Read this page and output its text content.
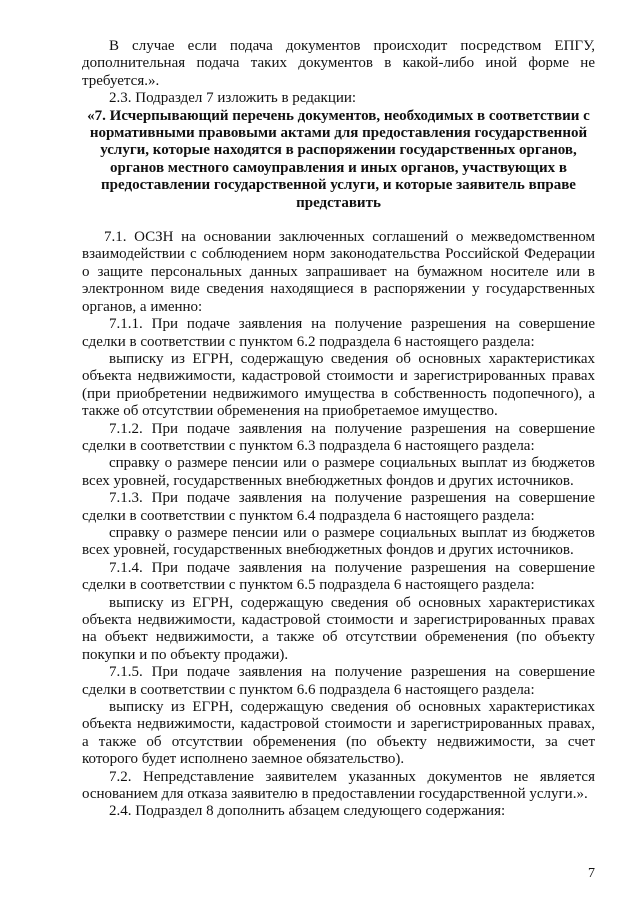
В случае если подача документов происходит посредством ЕПГУ, дополнительная подача таких документов в какой-либо иной форме не требуется.».

2.3. Подраздел 7 изложить в редакции:

«7. Исчерпывающий перечень документов, необходимых в соответствии с нормативными правовыми актами для предоставления государственной услуги, которые находятся в распоряжении государственных органов, органов местного самоуправления и иных органов, участвующих в предоставлении государственной услуги, и которые заявитель вправе представить

7.1. ОСЗН на основании заключенных соглашений о межведомственном взаимодействии с соблюдением норм законодательства Российской Федерации о защите персональных данных запрашивает на бумажном носителе или в электронном виде сведения находящиеся в распоряжении у государственных органов, а именно:

7.1.1. При подаче заявления на получение разрешения на совершение сделки в соответствии с пунктом 6.2 подраздела 6 настоящего раздела:

выписку из ЕГРН, содержащую сведения об основных характеристиках объекта недвижимости, кадастровой стоимости и зарегистрированных правах (при приобретении недвижимого имущества в собственность подопечного), а также об отсутствии обременения на приобретаемое имущество.

7.1.2. При подаче заявления на получение разрешения на совершение сделки в соответствии с пунктом 6.3 подраздела 6 настоящего раздела:

справку о размере пенсии или о размере социальных выплат из бюджетов всех уровней, государственных внебюджетных фондов и других источников.

7.1.3. При подаче заявления на получение разрешения на совершение сделки в соответствии с пунктом 6.4 подраздела 6 настоящего раздела:

справку о размере пенсии или о размере социальных выплат из бюджетов всех уровней, государственных внебюджетных фондов и других источников.

7.1.4. При подаче заявления на получение разрешения на совершение сделки в соответствии с пунктом 6.5 подраздела 6 настоящего раздела:

выписку из ЕГРН, содержащую сведения об основных характеристиках объекта недвижимости, кадастровой стоимости и зарегистрированных правах на объект недвижимости, а также об отсутствии обременения (по объекту покупки и по объекту продажи).

7.1.5. При подаче заявления на получение разрешения на совершение сделки в соответствии с пунктом 6.6 подраздела 6 настоящего раздела:

выписку из ЕГРН, содержащую сведения об основных характеристиках объекта недвижимости, кадастровой стоимости и зарегистрированных правах, а также об отсутствии обременения (по объекту недвижимости, за счет которого будет исполнено заемное обязательство).

7.2. Непредставление заявителем указанных документов не является основанием для отказа заявителю в предоставлении государственной услуги.».

2.4. Подраздел 8 дополнить абзацем следующего содержания:

7
